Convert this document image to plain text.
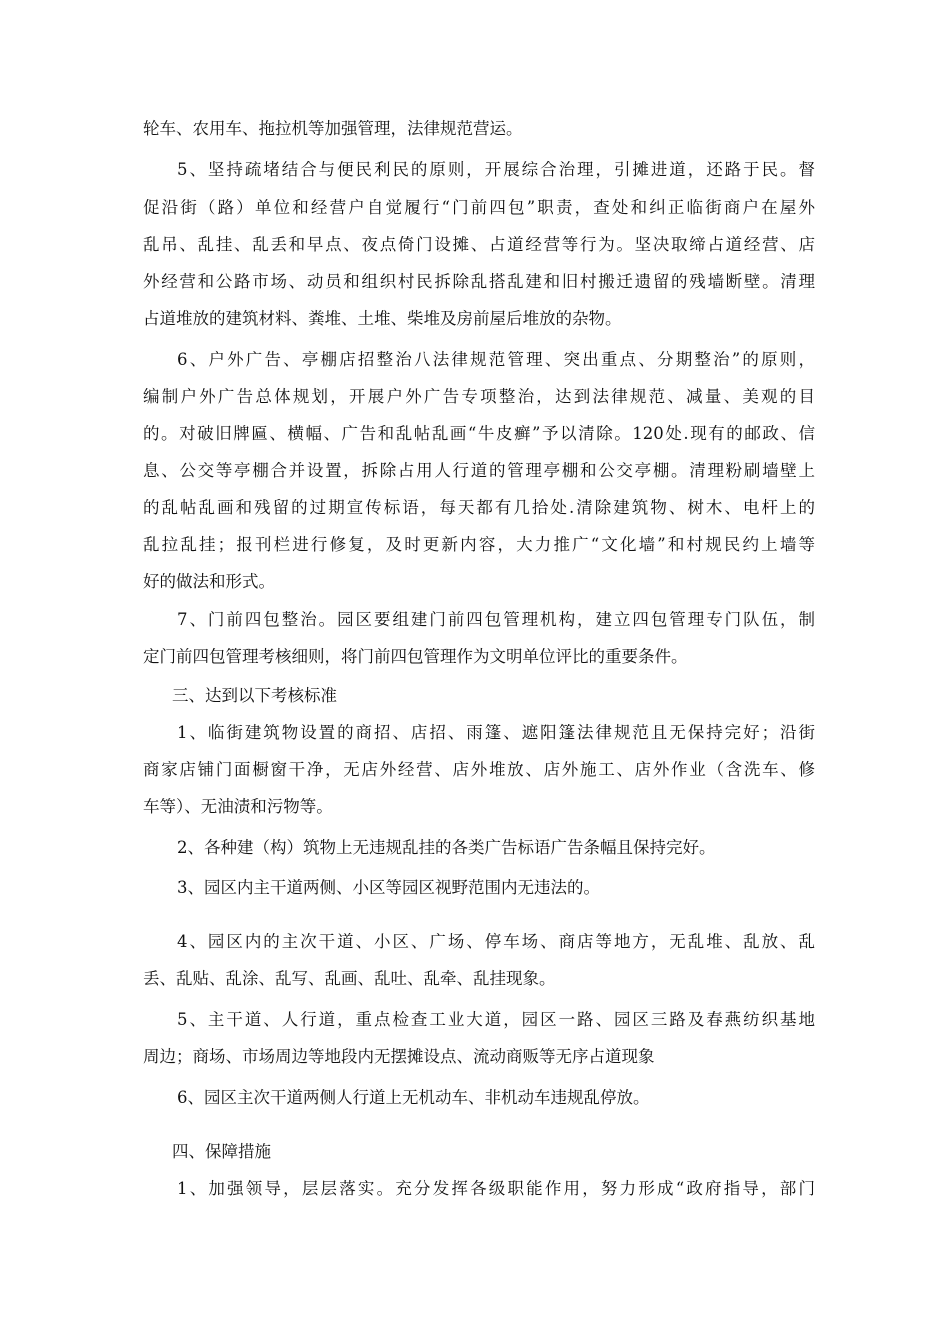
轮车、农用车、拖拉机等加强管理，法律规范营运。
5、坚持疏堵结合与便民利民的原则，开展综合治理，引摊进道，还路于民。督
促沿街（路）单位和经营户自觉履行“门前四包”职责，查处和纠正临街商户在屋外
乱吊、乱挂、乱丢和早点、夜点倚门设摊、占道经营等行为。坚决取缔占道经营、店
外经营和公路市场、动员和组织村民拆除乱搭乱建和旧村搬迁遗留的残墙断壁。清理
占道堆放的建筑材料、粪堆、土堆、柴堆及房前屋后堆放的杂物。
6、户外广告、亭棚店招整治八法律规范管理、突出重点、分期整治”的原则，
编制户外广告总体规划，开展户外广告专项整治，达到法律规范、减量、美观的目
的。对破旧牌匾、横幅、广告和乱帖乱画“牛皮癣”予以清除。120处.现有的邮政、信
息、公交等亭棚合并设置，拆除占用人行道的管理亭棚和公交亭棚。清理粉刷墙壁上
的乱帖乱画和残留的过期宣传标语，每天都有几拾处.清除建筑物、树木、电杆上的
乱拉乱挂；报刊栏进行修复，及时更新内容，大力推广“文化墙”和村规民约上墙等
好的做法和形式。
7、门前四包整治。园区要组建门前四包管理机构，建立四包管理专门队伍，制
定门前四包管理考核细则，将门前四包管理作为文明单位评比的重要条件。
三、达到以下考核标准
1、临街建筑物设置的商招、店招、雨篷、遮阳篷法律规范且无保持完好；沿街
商家店铺门面橱窗干净，无店外经营、店外堆放、店外施工、店外作业（含洗车、修
车等）、无油渍和污物等。
2、各种建（构）筑物上无违规乱挂的各类广告标语广告条幅且保持完好。
3、园区内主干道两侧、小区等园区视野范围内无违法的。
4、园区内的主次干道、小区、广场、停车场、商店等地方，无乱堆、乱放、乱
丢、乱贴、乱涂、乱写、乱画、乱吐、乱牵、乱挂现象。
5、主干道、人行道，重点检查工业大道，园区一路、园区三路及春燕纺织基地
周边；商场、市场周边等地段内无摆摊设点、流动商贩等无序占道现象
6、园区主次干道两侧人行道上无机动车、非机动车违规乱停放。
四、保障措施
1、加强领导，层层落实。充分发挥各级职能作用，努力形成“政府指导，部门
